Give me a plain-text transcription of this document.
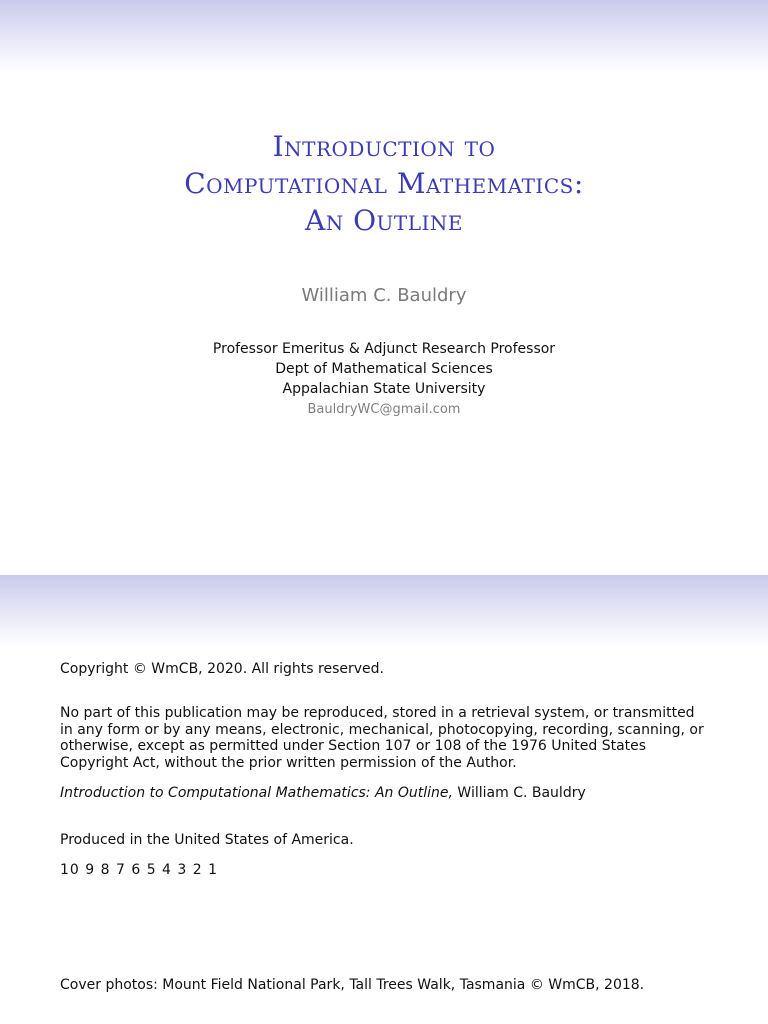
Introduction to
Computational Mathematics:
An Outline
William C. Bauldry
Professor Emeritus & Adjunct Research Professor
Dept of Mathematical Sciences
Appalachian State University
BauldryWC@gmail.com
Copyright © WmCB, 2020. All rights reserved.
No part of this publication may be reproduced, stored in a retrieval system, or transmitted in any form or by any means, electronic, mechanical, photocopying, recording, scanning, or otherwise, except as permitted under Section 107 or 108 of the 1976 United States Copyright Act, without the prior written permission of the Author.
Introduction to Computational Mathematics: An Outline, William C. Bauldry
Produced in the United States of America.
10 9 8 7 6 5 4 3 2 1
Cover photos: Mount Field National Park, Tall Trees Walk, Tasmania © WmCB, 2018.
